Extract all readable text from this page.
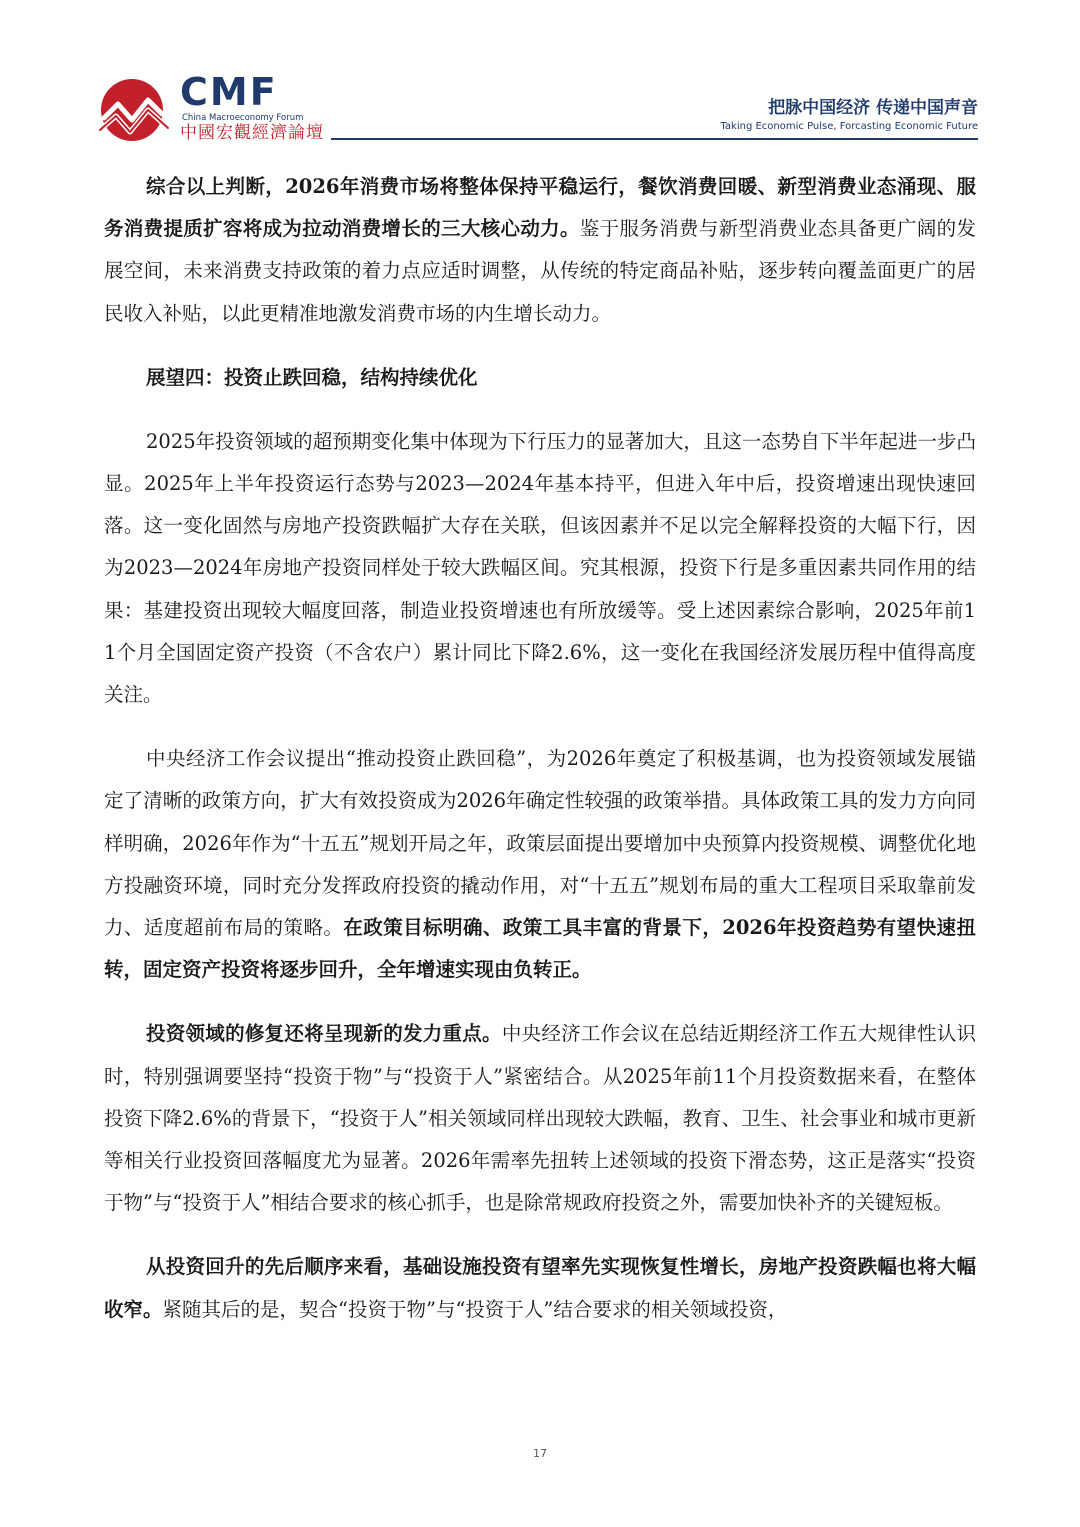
CMF
China Macroeconomy Forum
中國宏觀經濟論壇
把脉中国经济 传递中国声音
Taking Economic Pulse, Forcasting Economic Future

综合以上判断，2026年消费市场将整体保持平稳运行，餐饮消费回暖、新型消费业态涌现、服务消费提质扩容将成为拉动消费增长的三大核心动力。鉴于服务消费与新型消费业态具备更广阔的发展空间，未来消费支持政策的着力点应适时调整，从传统的特定商品补贴，逐步转向覆盖面更广的居民收入补贴，以此更精准地激发消费市场的内生增长动力。

展望四：投资止跌回稳，结构持续优化

2025年投资领域的超预期变化集中体现为下行压力的显著加大，且这一态势自下半年起进一步凸显。2025年上半年投资运行态势与2023—2024年基本持平，但进入年中后，投资增速出现快速回落。这一变化固然与房地产投资跌幅扩大存在关联，但该因素并不足以完全解释投资的大幅下行，因为2023—2024年房地产投资同样处于较大跌幅区间。究其根源，投资下行是多重因素共同作用的结果：基建投资出现较大幅度回落，制造业投资增速也有所放缓等。受上述因素综合影响，2025年前11个月全国固定资产投资（不含农户）累计同比下降2.6%，这一变化在我国经济发展历程中值得高度关注。

中央经济工作会议提出“推动投资止跌回稳”，为2026年奠定了积极基调，也为投资领域发展锚定了清晰的政策方向，扩大有效投资成为2026年确定性较强的政策举措。具体政策工具的发力方向同样明确，2026年作为“十五五”规划开局之年，政策层面提出要增加中央预算内投资规模、调整优化地方投融资环境，同时充分发挥政府投资的撬动作用，对“十五五”规划布局的重大工程项目采取靠前发力、适度超前布局的策略。在政策目标明确、政策工具丰富的背景下，2026年投资趋势有望快速扭转，固定资产投资将逐步回升，全年增速实现由负转正。

投资领域的修复还将呈现新的发力重点。中央经济工作会议在总结近期经济工作五大规律性认识时，特别强调要坚持“投资于物”与“投资于人”紧密结合。从2025年前11个月投资数据来看，在整体投资下降2.6%的背景下，“投资于人”相关领域同样出现较大跌幅，教育、卫生、社会事业和城市更新等相关行业投资回落幅度尤为显著。2026年需率先扭转上述领域的投资下滑态势，这正是落实“投资于物”与“投资于人”相结合要求的核心抓手，也是除常规政府投资之外，需要加快补齐的关键短板。

从投资回升的先后顺序来看，基础设施投资有望率先实现恢复性增长，房地产投资跌幅也将大幅收窄。紧随其后的是，契合“投资于物”与“投资于人”结合要求的相关领域投资，

17
